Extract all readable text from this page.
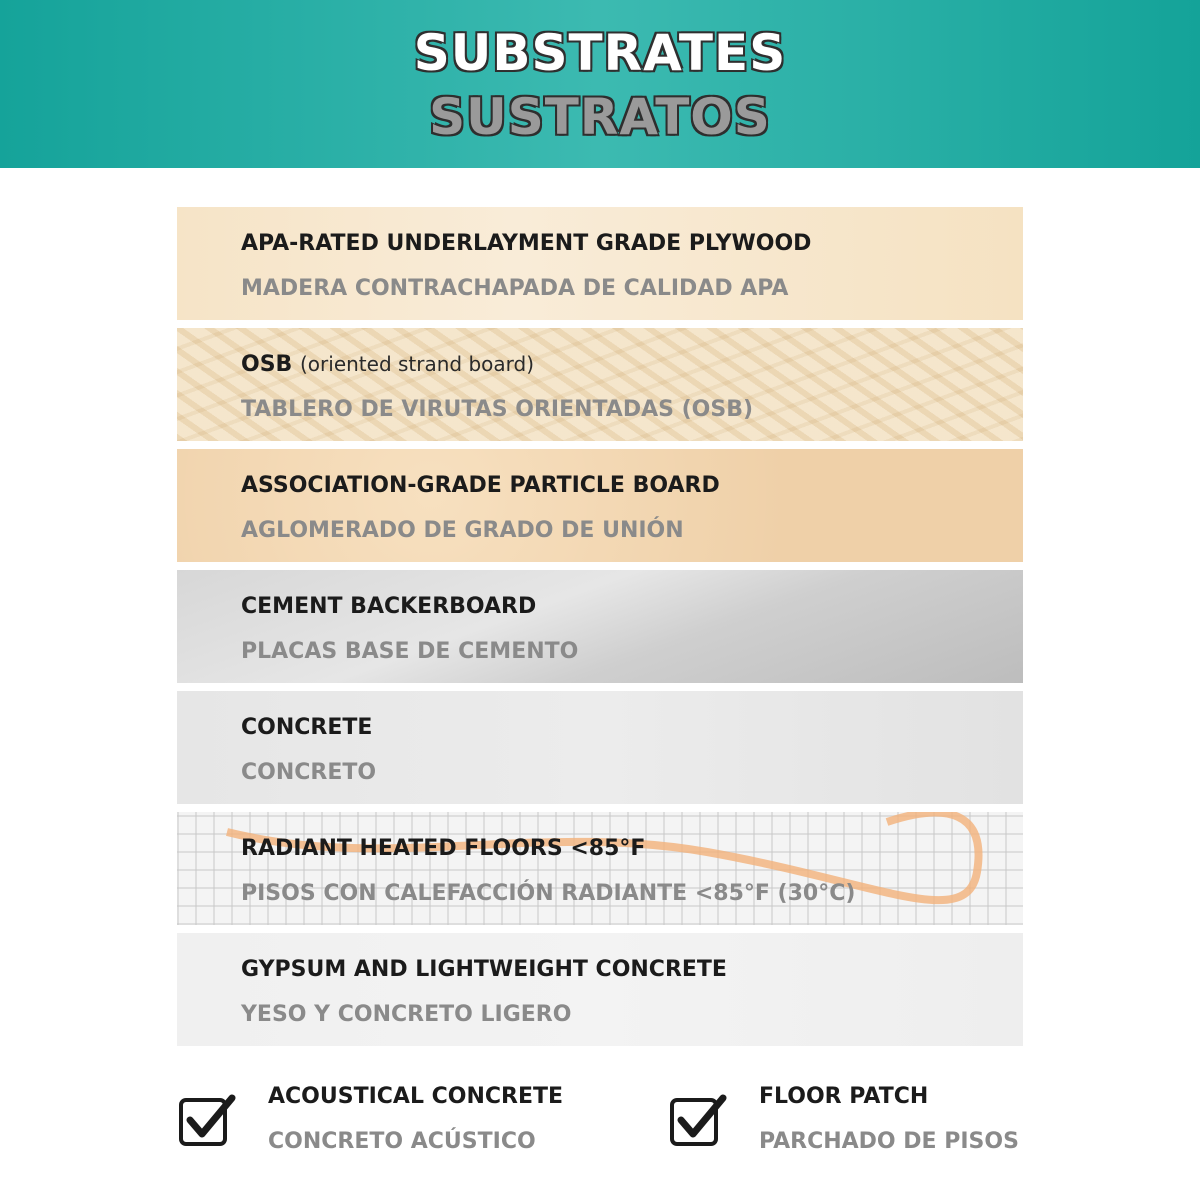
SUBSTRATES
SUSTRATOS
APA-RATED UNDERLAYMENT GRADE PLYWOOD
MADERA CONTRACHAPADA DE CALIDAD APA
OSB (oriented strand board)
TABLERO DE VIRUTAS ORIENTADAS (OSB)
ASSOCIATION-GRADE PARTICLE BOARD
AGLOMERADO DE GRADO DE UNIÓN
CEMENT BACKERBOARD
PLACAS BASE DE CEMENTO
CONCRETE
CONCRETO
RADIANT HEATED FLOORS <85°F
PISOS CON CALEFACCIÓN RADIANTE <85°F (30°C)
GYPSUM AND LIGHTWEIGHT CONCRETE
YESO Y CONCRETO LIGERO
ACOUSTICAL CONCRETE
CONCRETO ACÚSTICO
FLOOR PATCH
PARCHADO DE PISOS
